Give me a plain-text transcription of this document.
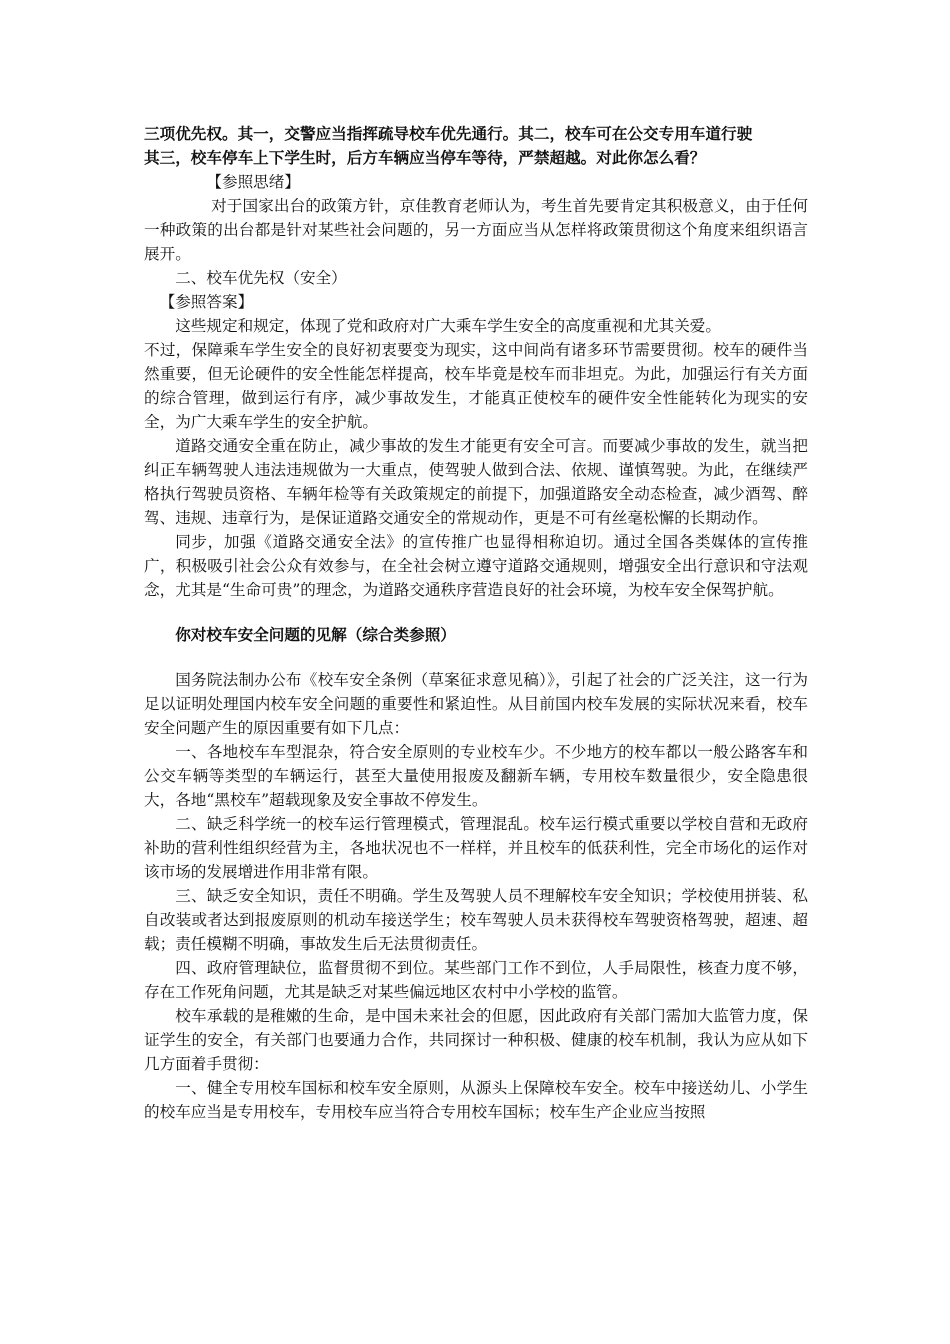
三项优先权。其一，交警应当指挥疏导校车优先通行。其二，校车可在公交专用车道行驶

其三，校车停车上下学生时，后方车辆应当停车等待，严禁超越。对此你怎么看？

【参照思绪】

对于国家出台的政策方针，京佳教育老师认为，考生首先要肯定其积极意义，由于任何一种政策的出台都是针对某些社会问题的，另一方面应当从怎样将政策贯彻这个角度来组织语言展开。

二、校车优先权（安全）

【参照答案】

这些规定和规定，体现了党和政府对广大乘车学生安全的高度重视和尤其关爱。

不过，保障乘车学生安全的良好初衷要变为现实，这中间尚有诸多环节需要贯彻。校车的硬件当然重要，但无论硬件的安全性能怎样提高，校车毕竟是校车而非坦克。为此，加强运行有关方面的综合管理，做到运行有序，减少事故发生，才能真正使校车的硬件安全性能转化为现实的安全，为广大乘车学生的安全护航。

道路交通安全重在防止，减少事故的发生才能更有安全可言。而要减少事故的发生，就当把纠正车辆驾驶人违法违规做为一大重点，使驾驶人做到合法、依规、谨慎驾驶。为此，在继续严格执行驾驶员资格、车辆年检等有关政策规定的前提下，加强道路安全动态检查，减少酒驾、醉驾、违规、违章行为，是保证道路交通安全的常规动作，更是不可有丝毫松懈的长期动作。

同步，加强《道路交通安全法》的宣传推广也显得相称迫切。通过全国各类媒体的宣传推广，积极吸引社会公众有效参与，在全社会树立遵守道路交通规则，增强安全出行意识和守法观念，尤其是“生命可贵”的理念，为道路交通秩序营造良好的社会环境，为校车安全保驾护航。

你对校车安全问题的见解（综合类参照）

国务院法制办公布《校车安全条例（草案征求意见稿）》，引起了社会的广泛关注，这一行为足以证明处理国内校车安全问题的重要性和紧迫性。从目前国内校车发展的实际状况来看，校车安全问题产生的原因重要有如下几点：

一、各地校车车型混杂，符合安全原则的专业校车少。不少地方的校车都以一般公路客车和公交车辆等类型的车辆运行，甚至大量使用报废及翻新车辆，专用校车数量很少，安全隐患很大，各地“黑校车”超载现象及安全事故不停发生。

二、缺乏科学统一的校车运行管理模式，管理混乱。校车运行模式重要以学校自营和无政府补助的营利性组织经营为主，各地状况也不一样样，并且校车的低获利性，完全市场化的运作对该市场的发展增进作用非常有限。

三、缺乏安全知识，责任不明确。学生及驾驶人员不理解校车安全知识；学校使用拼装、私自改装或者达到报废原则的机动车接送学生；校车驾驶人员未获得校车驾驶资格驾驶，超速、超载；责任模糊不明确，事故发生后无法贯彻责任。

四、政府管理缺位，监督贯彻不到位。某些部门工作不到位，人手局限性，核查力度不够，存在工作死角问题，尤其是缺乏对某些偏远地区农村中小学校的监管。

校车承载的是稚嫩的生命，是中国未来社会的但愿，因此政府有关部门需加大监管力度，保证学生的安全，有关部门也要通力合作，共同探讨一种积极、健康的校车机制，我认为应从如下几方面着手贯彻：

一、健全专用校车国标和校车安全原则，从源头上保障校车安全。校车中接送幼儿、小学生的校车应当是专用校车，专用校车应当符合专用校车国标；校车生产企业应当按照
